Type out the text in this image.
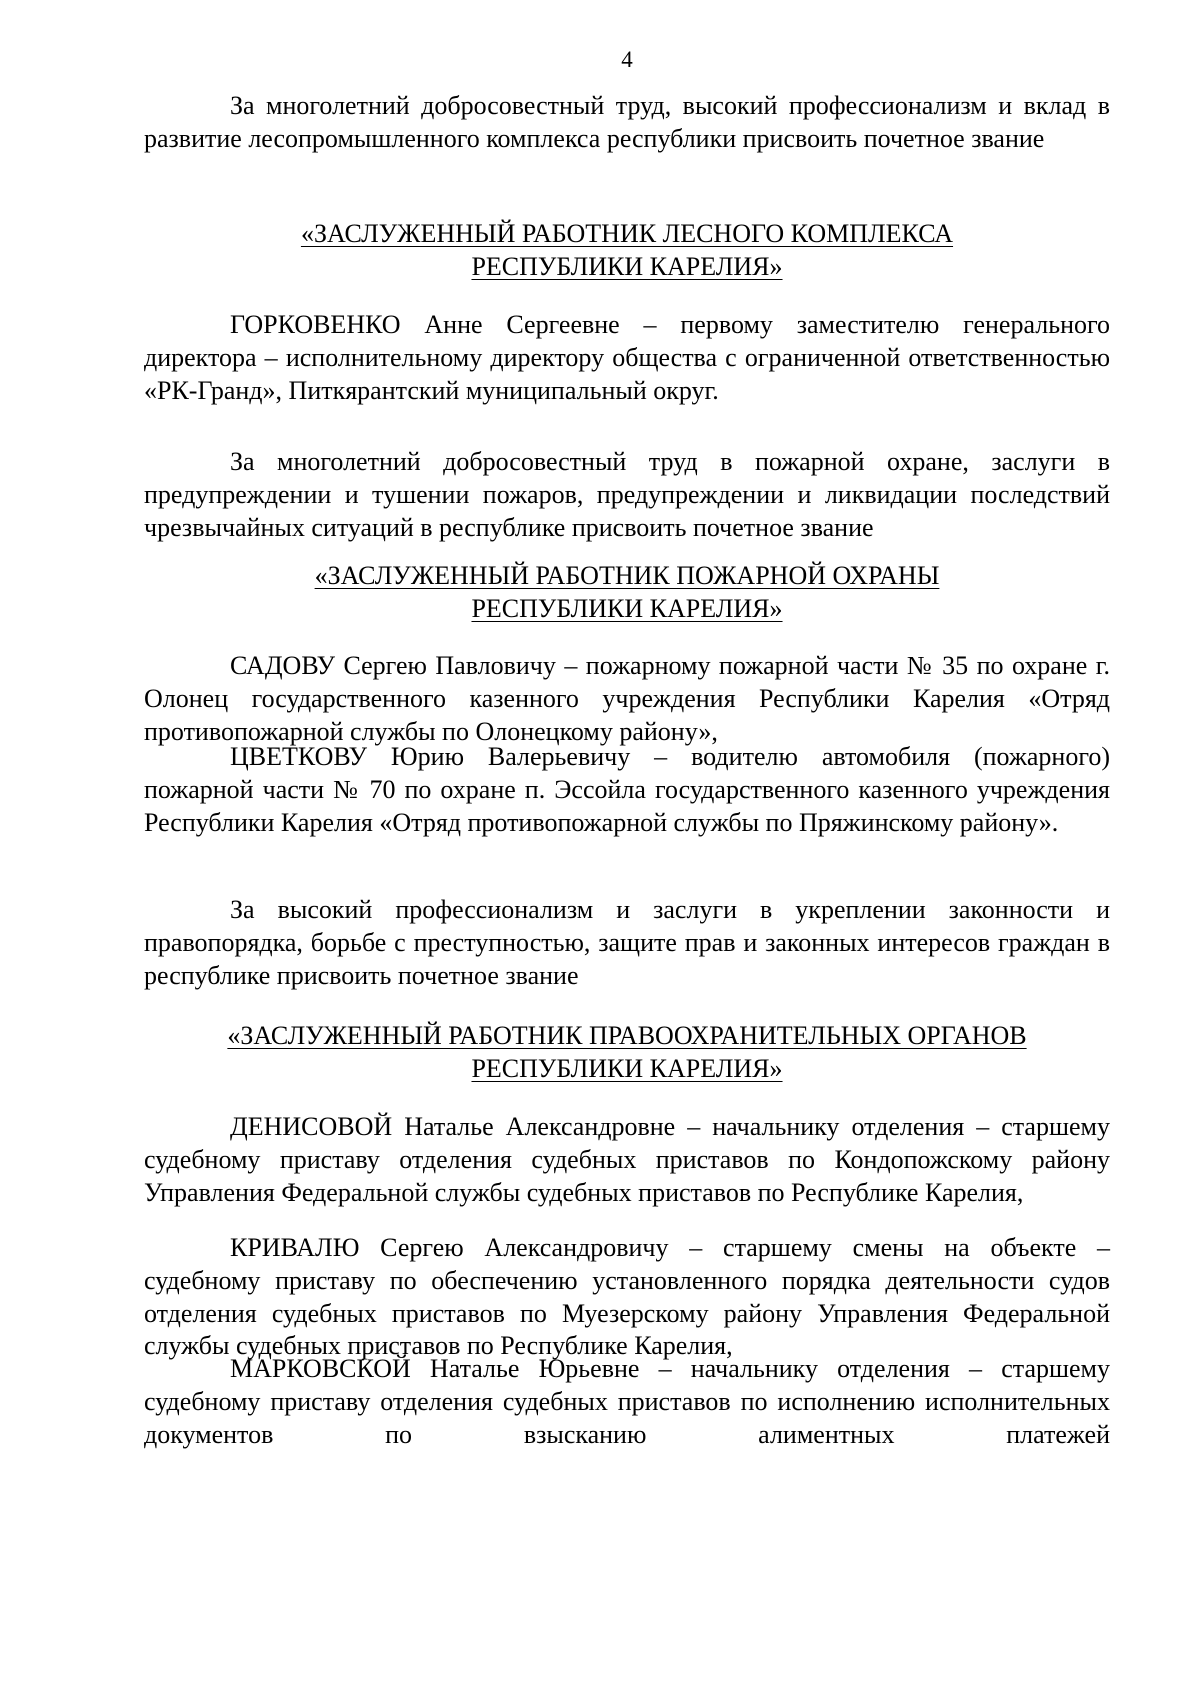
4
За многолетний добросовестный труд, высокий профессионализм и вклад в развитие лесопромышленного комплекса республики присвоить почетное звание
«ЗАСЛУЖЕННЫЙ РАБОТНИК ЛЕСНОГО КОМПЛЕКСА
РЕСПУБЛИКИ КАРЕЛИЯ»
ГОРКОВЕНКО Анне Сергеевне – первому заместителю генерального директора – исполнительному директору общества с ограниченной ответственностью «РК-Гранд», Питкярантский муниципальный округ.
За многолетний добросовестный труд в пожарной охране, заслуги в предупреждении и тушении пожаров, предупреждении и ликвидации последствий чрезвычайных ситуаций в республике присвоить почетное звание
«ЗАСЛУЖЕННЫЙ РАБОТНИК ПОЖАРНОЙ ОХРАНЫ
РЕСПУБЛИКИ КАРЕЛИЯ»
САДОВУ Сергею Павловичу – пожарному пожарной части № 35 по охране г. Олонец государственного казенного учреждения Республики Карелия «Отряд противопожарной службы по Олонецкому району»,
ЦВЕТКОВУ Юрию Валерьевичу – водителю автомобиля (пожарного) пожарной части № 70 по охране п. Эссойла государственного казенного учреждения Республики Карелия «Отряд противопожарной службы по Пряжинскому району».
За высокий профессионализм и заслуги в укреплении законности и правопорядка, борьбе с преступностью, защите прав и законных интересов граждан в республике присвоить почетное звание
«ЗАСЛУЖЕННЫЙ РАБОТНИК ПРАВООХРАНИТЕЛЬНЫХ ОРГАНОВ
РЕСПУБЛИКИ КАРЕЛИЯ»
ДЕНИСОВОЙ Наталье Александровне – начальнику отделения – старшему судебному приставу отделения судебных приставов по Кондопожскому району Управления Федеральной службы судебных приставов по Республике Карелия,
КРИВАЛЮ Сергею Александровичу – старшему смены на объекте – судебному приставу по обеспечению установленного порядка деятельности судов отделения судебных приставов по Муезерскому району Управления Федеральной службы судебных приставов по Республике Карелия,
МАРКОВСКОЙ Наталье Юрьевне – начальнику отделения – старшему судебному приставу отделения судебных приставов по исполнению исполнительных документов по взысканию алиментных платежей
